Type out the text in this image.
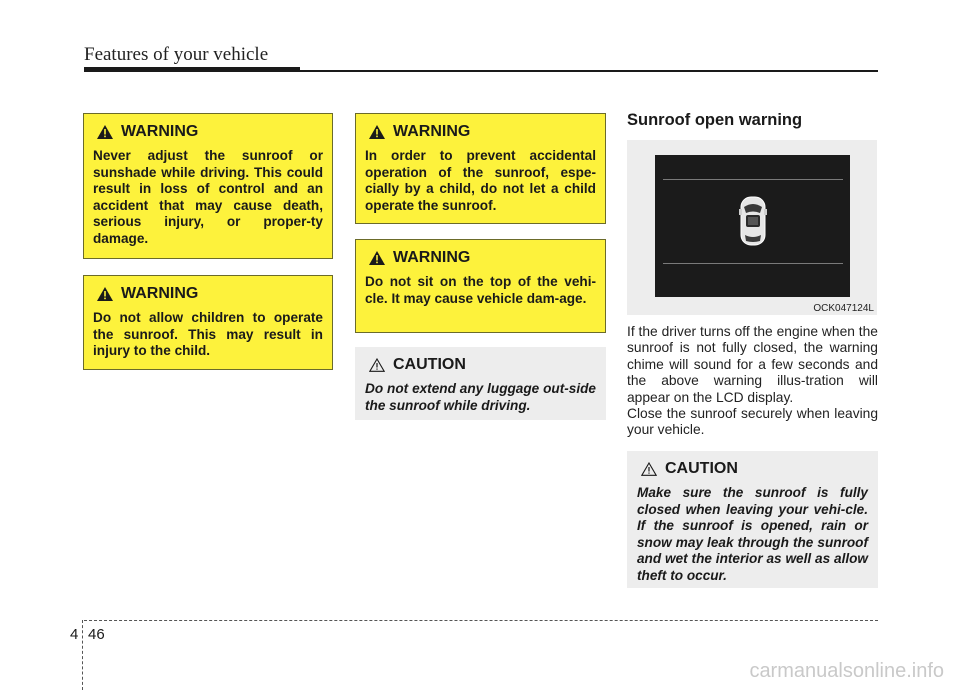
Features of your vehicle
WARNING
Never adjust the sunroof or sunshade while driving. This could result in loss of control and an accident that may cause death, serious injury, or proper-ty damage.
WARNING
Do not allow children to operate the sunroof. This may result in injury to the child.
WARNING
In order to prevent accidental operation of the sunroof, espe-cially by a child, do not let a child operate the sunroof.
WARNING
Do not sit on the top of the vehi-cle. It may cause vehicle dam-age.
CAUTION
Do not extend any luggage out-side the sunroof while driving.
Sunroof open warning
OCK047124L
If the driver turns off the engine when the sunroof is not fully closed, the warning chime will sound for a few seconds and the above warning illus-tration will appear on the LCD display.
Close the sunroof securely when leaving your vehicle.
CAUTION
Make sure the sunroof is fully closed when leaving your vehi-cle. If the sunroof is opened, rain or snow may leak through the sunroof and wet the interior as well as allow theft to occur.
4 46
carmanualsonline.info
